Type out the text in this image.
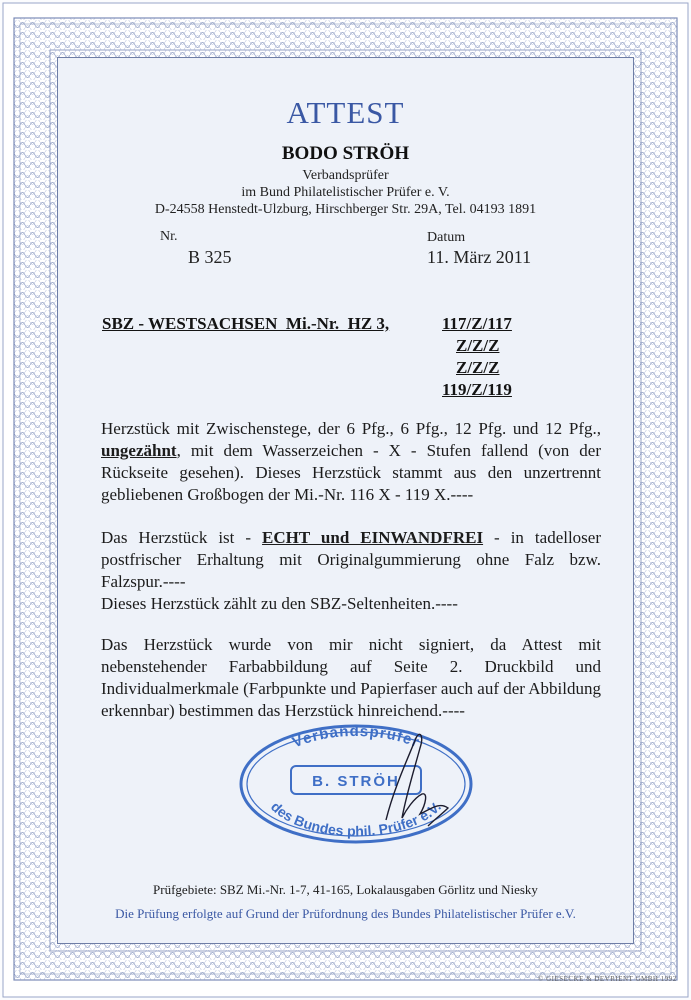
ATTEST
BODO STRÖH
Verbandsprüfer
im Bund Philatelistischer Prüfer e. V.
D-24558 Henstedt-Ulzburg, Hirschberger Str. 29A, Tel. 04193 1891
Nr.
B 325
Datum
11. März 2011
SBZ - WESTSACHSEN  Mi.-Nr.  HZ 3,	117/Z/117
Z/Z/Z
Z/Z/Z
119/Z/119
Herzstück mit Zwischenstege, der 6 Pfg., 6 Pfg., 12 Pfg. und 12 Pfg., ungezähnt, mit dem Wasserzeichen - X - Stufen fallend (von der Rückseite gesehen). Dieses Herzstück stammt aus den unzertrennt gebliebenen Großbogen der Mi.-Nr. 116 X - 119 X.----

Das Herzstück ist - ECHT und EINWANDFREI - in tadelloser postfrischer Erhaltung mit Originalgummierung ohne Falz bzw. Falzspur.----

Dieses Herzstück zählt zu den SBZ-Seltenheiten.----

Das Herzstück wurde von mir nicht signiert, da Attest mit nebenstehender Farbabbildung auf Seite 2. Druckbild und Individualmerkmale (Farbpunkte und Papierfaser auch auf der Abbildung erkennbar) bestimmen das Herzstück hinreichend.----
Verbandsprüfer
B. STRÖH
des Bundes phil. Prüfer e.V.
Prüfgebiete: SBZ Mi.-Nr. 1-7, 41-165, Lokalausgaben Görlitz und Niesky
Die Prüfung erfolgte auf Grund der Prüfordnung des Bundes Philatelistischer Prüfer e.V.
© GIESECKE & DEVRIENT GMBH 1992
